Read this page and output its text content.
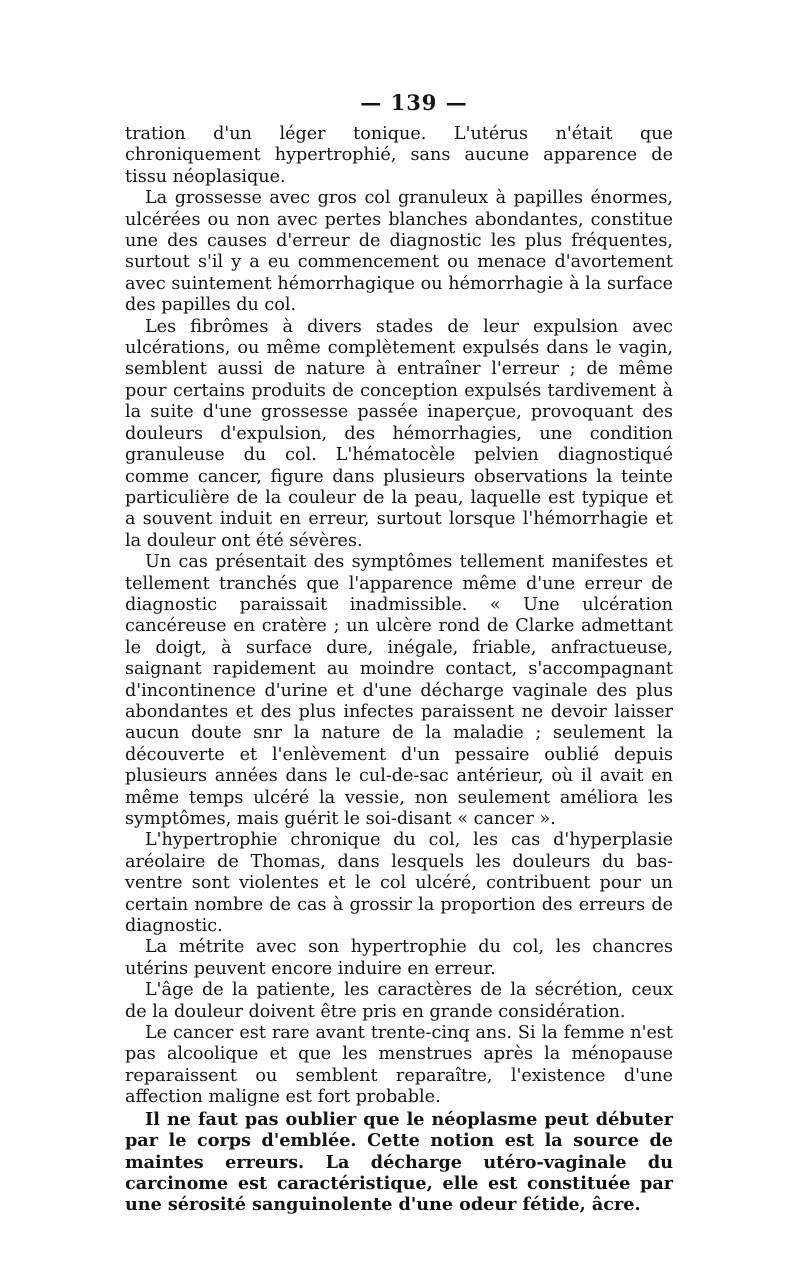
— 139 —

tration d'un léger tonique. L'utérus n'était que chroniquement hypertrophié, sans aucune apparence de tissu néoplasique.

La grossesse avec gros col granuleux à papilles énormes, ulcérées ou non avec pertes blanches abondantes, constitue une des causes d'erreur de diagnostic les plus fréquentes, surtout s'il y a eu commencement ou menace d'avortement avec suintement hémorrhagique ou hémorrhagie à la surface des papilles du col.

Les fibrômes à divers stades de leur expulsion avec ulcérations, ou même complètement expulsés dans le vagin, semblent aussi de nature à entraîner l'erreur ; de même pour certains produits de conception expulsés tardivement à la suite d'une grossesse passée inaperçue, provoquant des douleurs d'expulsion, des hémorrhagies, une condition granuleuse du col. L'hématocèle pelvien diagnostiqué comme cancer, figure dans plusieurs observations la teinte particulière de la couleur de la peau, laquelle est typique et a souvent induit en erreur, surtout lorsque l'hémorrhagie et la douleur ont été sévères.

Un cas présentait des symptômes tellement manifestes et tellement tranchés que l'apparence même d'une erreur de diagnostic paraissait inadmissible. « Une ulcération cancéreuse en cratère ; un ulcère rond de Clarke admettant le doigt, à surface dure, inégale, friable, anfractueuse, saignant rapidement au moindre contact, s'accompagnant d'incontinence d'urine et d'une décharge vaginale des plus abondantes et des plus infectes paraissent ne devoir laisser aucun doute snr la nature de la maladie ; seulement la découverte et l'enlèvement d'un pessaire oublié depuis plusieurs années dans le cul-de-sac antérieur, où il avait en même temps ulcéré la vessie, non seulement améliora les symptômes, mais guérit le soi-disant « cancer ».

L'hypertrophie chronique du col, les cas d'hyperplasie aréolaire de Thomas, dans lesquels les douleurs du bas-ventre sont violentes et le col ulcéré, contribuent pour un certain nombre de cas à grossir la proportion des erreurs de diagnostic.

La métrite avec son hypertrophie du col, les chancres utérins peuvent encore induire en erreur.

L'âge de la patiente, les caractères de la sécrétion, ceux de la douleur doivent être pris en grande considération.

Le cancer est rare avant trente-cinq ans. Si la femme n'est pas alcoolique et que les menstrues après la ménopause reparaissent ou semblent reparaître, l'existence d'une affection maligne est fort probable.

Il ne faut pas oublier que le néoplasme peut débuter par le corps d'emblée. Cette notion est la source de maintes erreurs. La décharge utéro-vaginale du carcinome est caractéristique, elle est constituée par une sérosité sanguinolente d'une odeur fétide, âcre.
